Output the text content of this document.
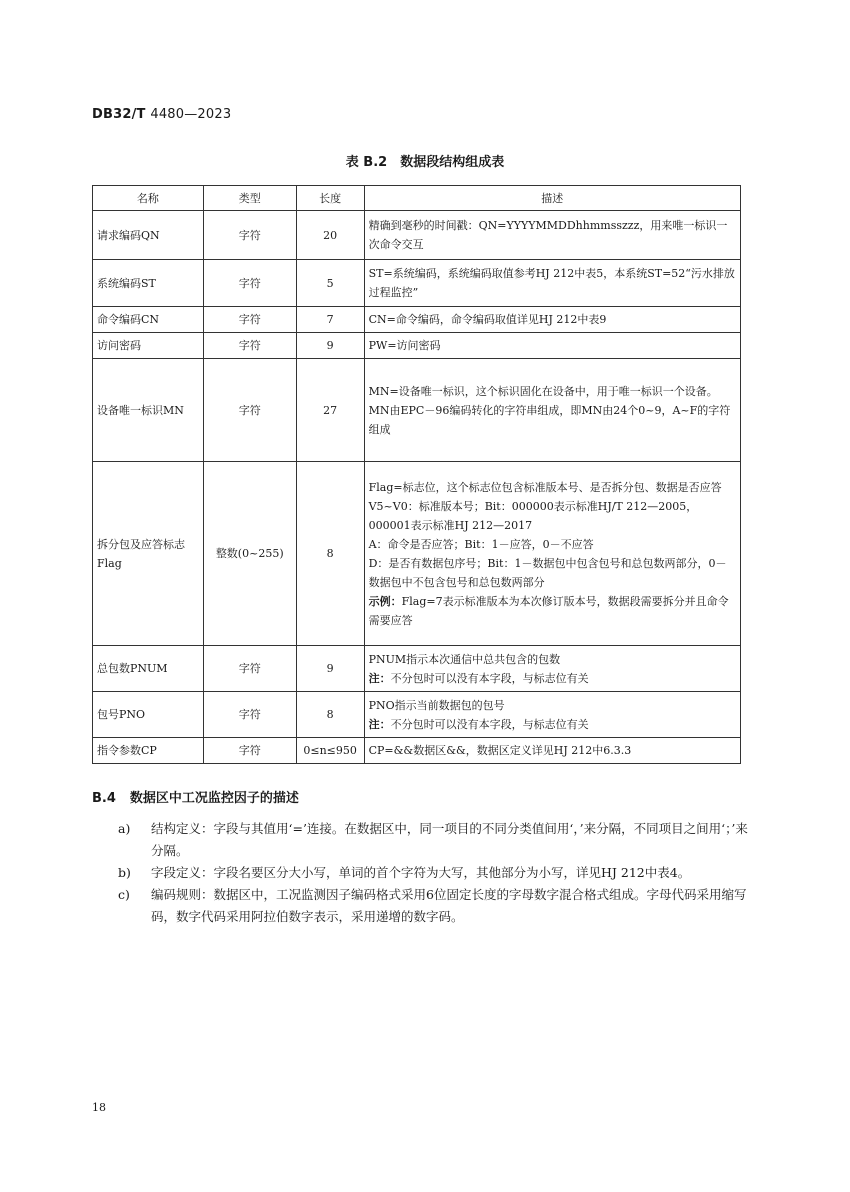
DB32/T 4480—2023
表 B.2　数据段结构组成表
名称	类型	长度	描述
请求编码QN	字符	20	精确到毫秒的时间戳：QN=YYYYMMDDhhmmsszzz，用来唯一标识一次命令交互

系统编码ST	字符	5	ST=系统编码，系统编码取值参考HJ 212中表5，本系统ST=52“污水排放过程监控”

命令编码CN	字符	7	CN=命令编码，命令编码取值详见HJ 212中表9

访问密码	字符	9	PW=访问密码

设备唯一标识MN	字符	27	MN=设备唯一标识，这个标识固化在设备中，用于唯一标识一个设备。
MN由EPC－96编码转化的字符串组成，即MN由24个0~9，A~F的字符组成

拆分包及应答标志Flag	整数(0~255)	8	Flag=标志位，这个标志位包含标准版本号、是否拆分包、数据是否应答
V5~V0：标准版本号；Bit：000000表示标准HJ/T 212—2005，000001表示标准HJ 212—2017
A：命令是否应答；Bit：1－应答，0－不应答
D：是否有数据包序号；Bit：1－数据包中包含包号和总包数两部分，0－数据包中不包含包号和总包数两部分
示例：Flag=7表示标准版本为本次修订版本号，数据段需要拆分并且命令需要应答

总包数PNUM	字符	9	PNUM指示本次通信中总共包含的包数
注：不分包时可以没有本字段，与标志位有关

包号PNO	字符	8	PNO指示当前数据包的包号
注：不分包时可以没有本字段，与标志位有关

指令参数CP	字符	0≤n≤950	CP=&&数据区&&，数据区定义详见HJ 212中6.3.3
B.4 数据区中工况监控因子的描述
a) 结构定义：字段与其值用‘=’连接。在数据区中，同一项目的不同分类值间用‘，’来分隔，不同项目之间用‘；’来分隔。
b) 字段定义：字段名要区分大小写，单词的首个字符为大写，其他部分为小写，详见HJ 212中表4。
c) 编码规则：数据区中，工况监测因子编码格式采用6位固定长度的字母数字混合格式组成。字母代码采用缩写码，数字代码采用阿拉伯数字表示，采用递增的数字码。
18
